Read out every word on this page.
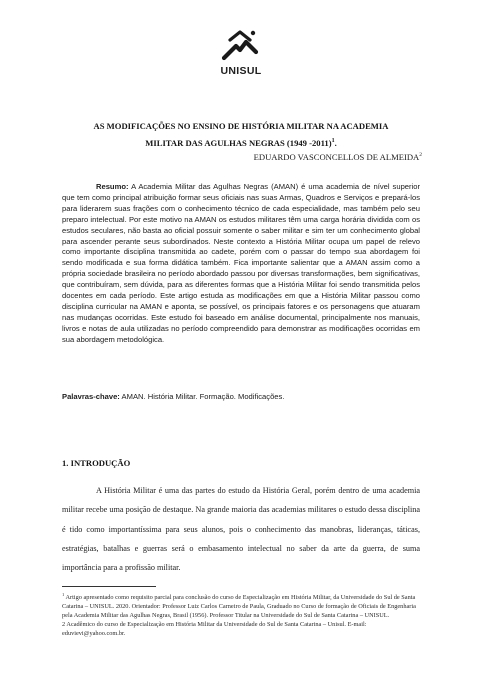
UNISUL
AS MODIFICAÇÕES NO ENSINO DE HISTÓRIA MILITAR NA ACADEMIA
MILITAR DAS AGULHAS NEGRAS (1949 -2011)$^1$.
EDUARDO VASCONCELLOS DE ALMEIDA$^2$

Resumo: A Academia Militar das Agulhas Negras (AMAN) é uma academia de nível superior que tem como principal atribuição formar seus oficiais nas suas Armas, Quadros e Serviços e prepará-los para liderarem suas frações com o conhecimento técnico de cada especialidade, mas também pelo seu preparo intelectual. Por este motivo na AMAN os estudos militares têm uma carga horária dividida com os estudos seculares, não basta ao oficial possuir somente o saber militar e sim ter um conhecimento global para ascender perante seus subordinados. Neste contexto a História Militar ocupa um papel de relevo como importante disciplina transmitida ao cadete, porém com o passar do tempo sua abordagem foi sendo modificada e sua forma didática também. Fica importante salientar que a AMAN assim como a própria sociedade brasileira no período abordado passou por diversas transformações, bem significativas, que contribuíram, sem dúvida, para as diferentes formas que a História Militar foi sendo transmitida pelos docentes em cada período. Este artigo estuda as modificações em que a História Militar passou como disciplina curricular na AMAN e aponta, se possível, os principais fatores e os personagens que atuaram nas mudanças ocorridas. Este estudo foi baseado em análise documental, principalmente nos manuais, livros e notas de aula utilizadas no período compreendido para demonstrar as modificações ocorridas em sua abordagem metodológica.

Palavras-chave: AMAN. História Militar. Formação. Modificações.
1. INTRODUÇÃO

A História Militar é uma das partes do estudo da História Geral, porém dentro de uma academia militar recebe uma posição de destaque. Na grande maioria das academias militares o estudo dessa disciplina é tido como importantíssima para seus alunos, pois o conhecimento das manobras, lideranças, táticas, estratégias, batalhas e guerras será o embasamento intelectual no saber da arte da guerra, de suma importância para a profissão militar.

$^1$ Artigo apresentado como requisito parcial para conclusão do curso de Especialização em História Militar, da Universidade do Sul de Santa Catarina – UNISUL. 2020. Orientador: Professor Luiz Carlos Carneiro de Paula, Graduado no Curso de formação de Oficiais de Engenharia pela Academia Militar das Agulhas Negras, Brasil (1956). Professor Titular na Universidade do Sul de Santa Catarina – UNISUL.

2 Acadêmico do curso de Especialização em História Militar da Universidade do Sul de Santa Catarina – Unisul. E-mail: eduvievi@yahoo.com.br.
